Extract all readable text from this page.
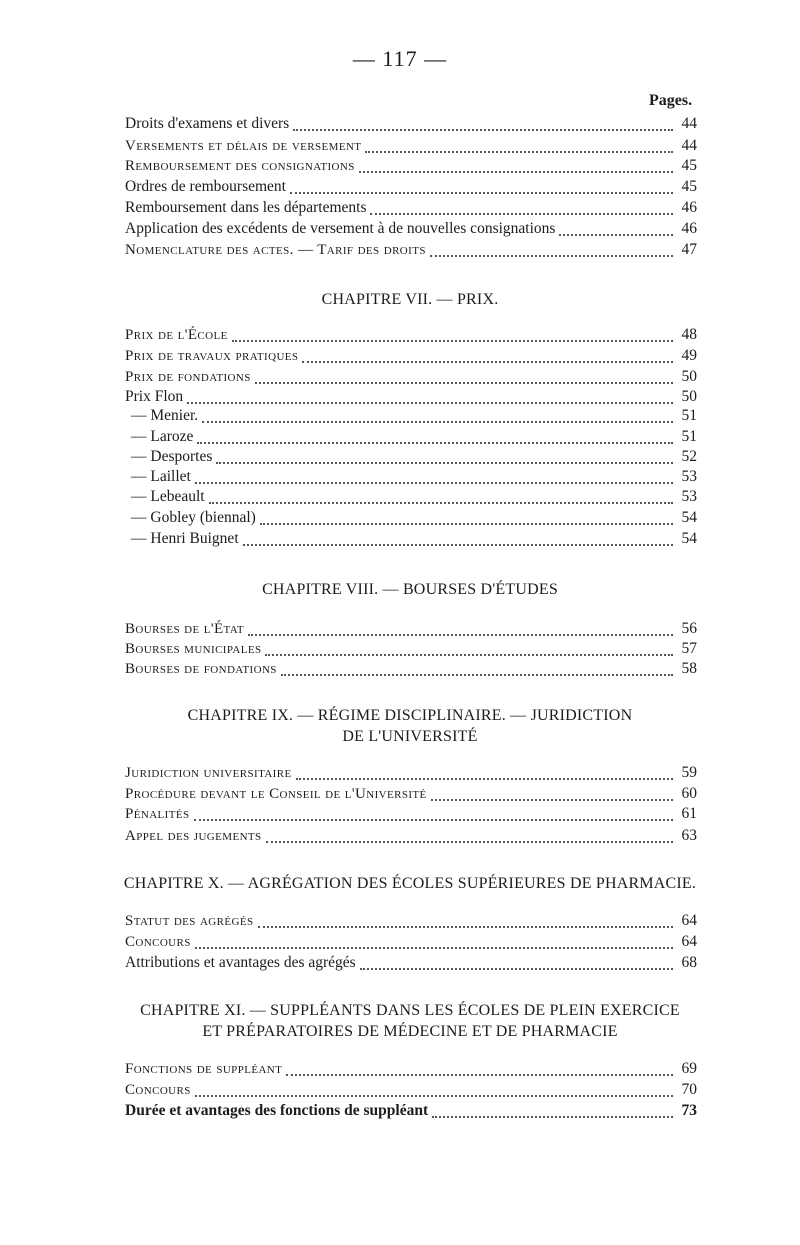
— 117 —
Pages.
Droits d'examens et divers	44
Versements et délais de versement	44
Remboursement des consignations	45
Ordres de remboursement	45
Remboursement dans les départements	46
Application des excédents de versement à de nouvelles consignations	46
Nomenclature des actes. — Tarif des droits	47
CHAPITRE VII. — PRIX.
Prix de l'École	48
Prix de travaux pratiques	49
Prix de fondations	50
Prix Flon	50
— Menier.	51
— Laroze	51
— Desportes	52
— Laillet	53
— Lebeault	53
— Gobley (biennal)	54
— Henri Buignet	54
CHAPITRE VIII. — BOURSES D'ÉTUDES
Bourses de l'État	56
Bourses municipales	57
Bourses de fondations	58
CHAPITRE IX. — RÉGIME DISCIPLINAIRE. — JURIDICTION
DE L'UNIVERSITÉ
Juridiction universitaire	59
Procédure devant le Conseil de l'Université	60
Pénalités	61
Appel des jugements	63
CHAPITRE X. — AGRÉGATION DES ÉCOLES SUPÉRIEURES DE PHARMACIE.
Statut des agrégés	64
Concours	64
Attributions et avantages des agrégés	68
CHAPITRE XI. — SUPPLÉANTS DANS LES ÉCOLES DE PLEIN EXERCICE
ET PRÉPARATOIRES DE MÉDECINE ET DE PHARMACIE
Fonctions de suppléant	69
Concours	70
Durée et avantages des fonctions de suppléant	73
